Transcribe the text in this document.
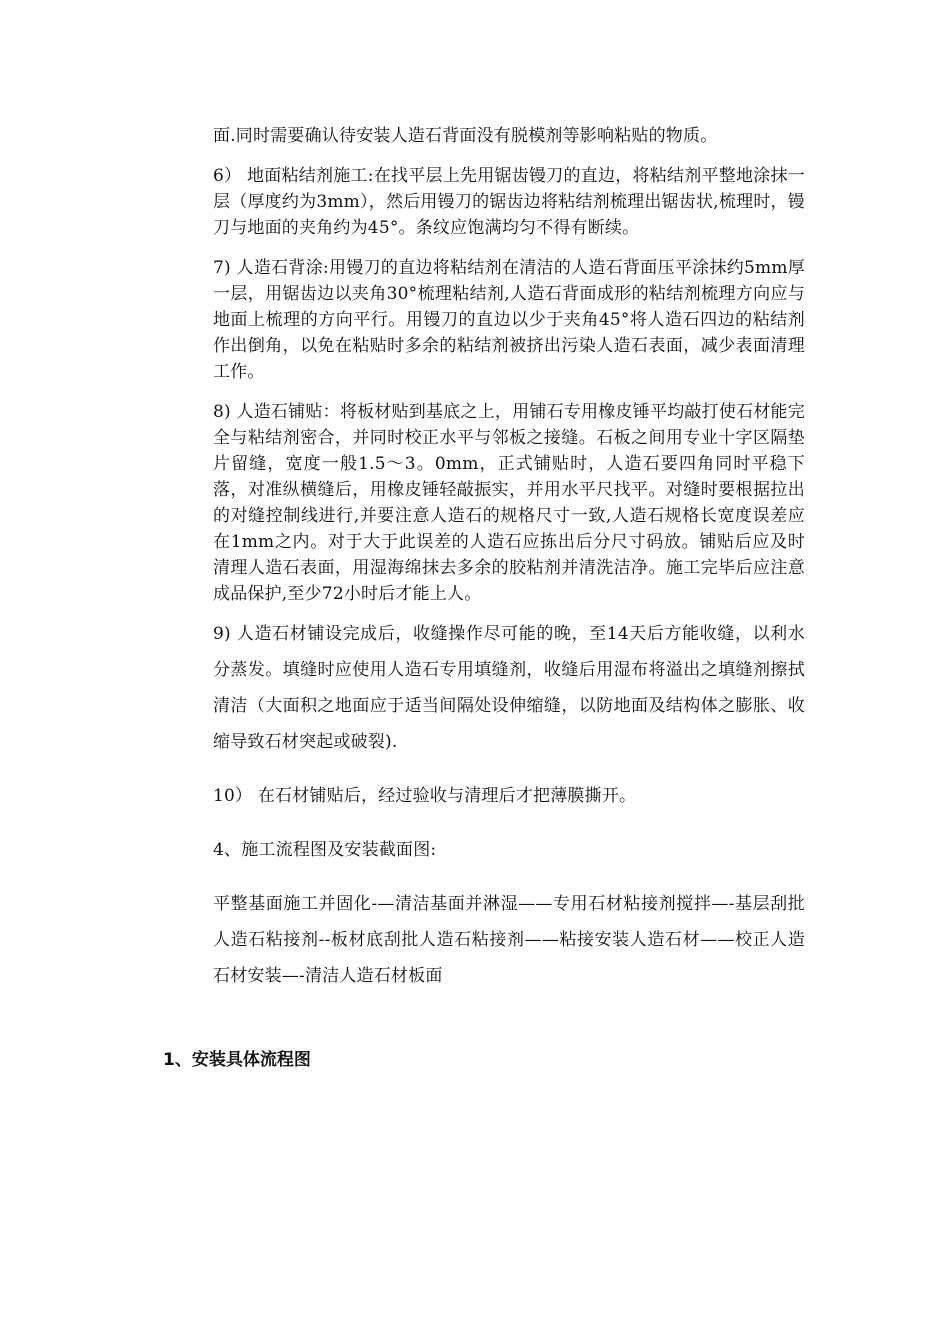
面.同时需要确认待安装人造石背面没有脱模剂等影响粘贴的物质。

6） 地面粘结剂施工:在找平层上先用锯齿镘刀的直边，将粘结剂平整地涂抹一层（厚度约为3mm），然后用镘刀的锯齿边将粘结剂梳理出锯齿状,梳理时，镘刀与地面的夹角约为45°。条纹应饱满均匀不得有断续。

7) 人造石背涂:用镘刀的直边将粘结剂在清洁的人造石背面压平涂抹约5mm厚一层，用锯齿边以夹角30°梳理粘结剂,人造石背面成形的粘结剂梳理方向应与地面上梳理的方向平行。用镘刀的直边以少于夹角45°将人造石四边的粘结剂作出倒角，以免在粘贴时多余的粘结剂被挤出污染人造石表面，减少表面清理工作。

8) 人造石铺贴：将板材贴到基底之上，用铺石专用橡皮锤平均敲打使石材能完全与粘结剂密合，并同时校正水平与邻板之接缝。石板之间用专业十字区隔垫片留缝，宽度一般1.5～3。0mm，正式铺贴时，人造石要四角同时平稳下落，对准纵横缝后，用橡皮锤轻敲振实，并用水平尺找平。对缝时要根据拉出的对缝控制线进行,并要注意人造石的规格尺寸一致,人造石规格长宽度误差应在1mm之内。对于大于此误差的人造石应拣出后分尺寸码放。铺贴后应及时清理人造石表面，用湿海绵抹去多余的胶粘剂并清洗洁净。施工完毕后应注意成品保护,至少72小时后才能上人。

9) 人造石材铺设完成后，收缝操作尽可能的晚，至14天后方能收缝，以利水分蒸发。填缝时应使用人造石专用填缝剂，收缝后用湿布将溢出之填缝剂擦拭清洁（大面积之地面应于适当间隔处设伸缩缝，以防地面及结构体之膨胀、收缩导致石材突起或破裂).

10） 在石材铺贴后，经过验收与清理后才把薄膜撕开。

4、施工流程图及安装截面图:

平整基面施工并固化-—清洁基面并淋湿——专用石材粘接剂搅拌—-基层刮批人造石粘接剂--板材底刮批人造石粘接剂——粘接安装人造石材——校正人造石材安装—-清洁人造石材板面

1、安装具体流程图
